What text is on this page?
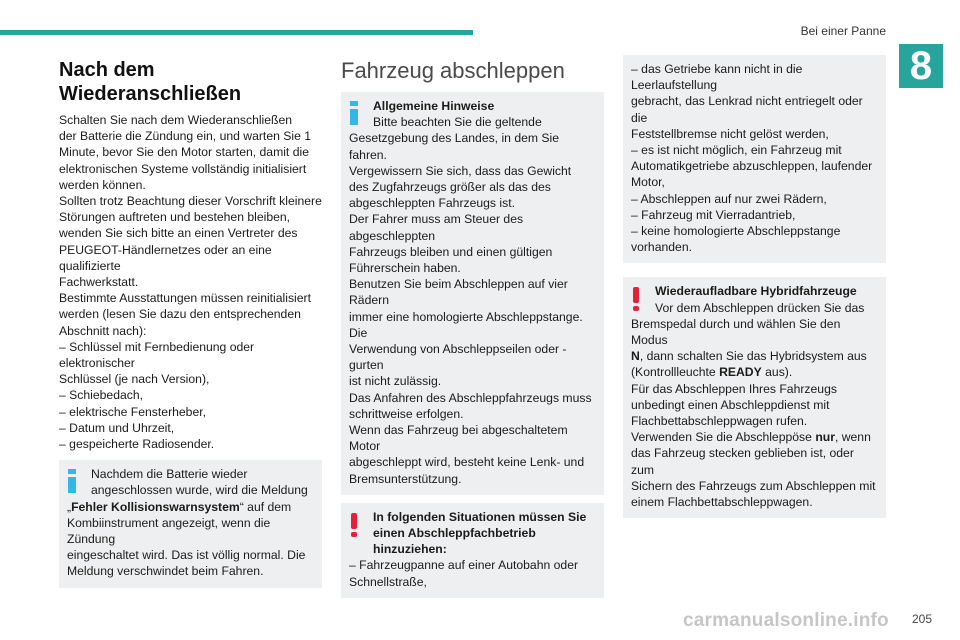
Bei einer Panne
8
Nach dem Wiederanschließen
Schalten Sie nach dem Wiederanschließen
der Batterie die Zündung ein, und warten Sie 1
Minute, bevor Sie den Motor starten, damit die
elektronischen Systeme vollständig initialisiert
werden können.
Sollten trotz Beachtung dieser Vorschrift kleinere
Störungen auftreten und bestehen bleiben,
wenden Sie sich bitte an einen Vertreter des
PEUGEOT-Händlernetzes oder an eine qualifizierte
Fachwerkstatt.
Bestimmte Ausstattungen müssen reinitialisiert
werden (lesen Sie dazu den entsprechenden
Abschnitt nach):
– Schlüssel mit Fernbedienung oder elektronischer
Schlüssel (je nach Version),
– Schiebedach,
– elektrische Fensterheber,
– Datum und Uhrzeit,
– gespeicherte Radiosender.
Nachdem die Batterie wieder
angeschlossen wurde, wird die Meldung
„Fehler Kollisionswarnsystem“ auf dem
Kombiinstrument angezeigt, wenn die Zündung
eingeschaltet wird. Das ist völlig normal. Die
Meldung verschwindet beim Fahren.
Fahrzeug abschleppen
Allgemeine Hinweise
Bitte beachten Sie die geltende
Gesetzgebung des Landes, in dem Sie fahren.
Vergewissern Sie sich, dass das Gewicht
des Zugfahrzeugs größer als das des
abgeschleppten Fahrzeugs ist.
Der Fahrer muss am Steuer des abgeschleppten
Fahrzeugs bleiben und einen gültigen
Führerschein haben.
Benutzen Sie beim Abschleppen auf vier Rädern
immer eine homologierte Abschleppstange. Die
Verwendung von Abschleppseilen oder -gurten
ist nicht zulässig.
Das Anfahren des Abschleppfahrzeugs muss
schrittweise erfolgen.
Wenn das Fahrzeug bei abgeschaltetem Motor
abgeschleppt wird, besteht keine Lenk- und
Bremsunterstützung.
In folgenden Situationen müssen Sie
einen Abschleppfachbetrieb hinzuziehen:
– Fahrzeugpanne auf einer Autobahn oder
Schnellstraße,
– das Getriebe kann nicht in die Leerlaufstellung
gebracht, das Lenkrad nicht entriegelt oder die
Feststellbremse nicht gelöst werden,
– es ist nicht möglich, ein Fahrzeug mit
Automatikgetriebe abzuschleppen, laufender
Motor,
– Abschleppen auf nur zwei Rädern,
– Fahrzeug mit Vierradantrieb,
– keine homologierte Abschleppstange
vorhanden.
Wiederaufladbare Hybridfahrzeuge
Vor dem Abschleppen drücken Sie das
Bremspedal durch und wählen Sie den Modus
N, dann schalten Sie das Hybridsystem aus
(Kontrollleuchte READY aus).
Für das Abschleppen Ihres Fahrzeugs
unbedingt einen Abschleppdienst mit
Flachbettabschleppwagen rufen.
Verwenden Sie die Abschleppöse nur, wenn
das Fahrzeug stecken geblieben ist, oder zum
Sichern des Fahrzeugs zum Abschleppen mit
einem Flachbettabschleppwagen.
205
carmanualsonline.info
